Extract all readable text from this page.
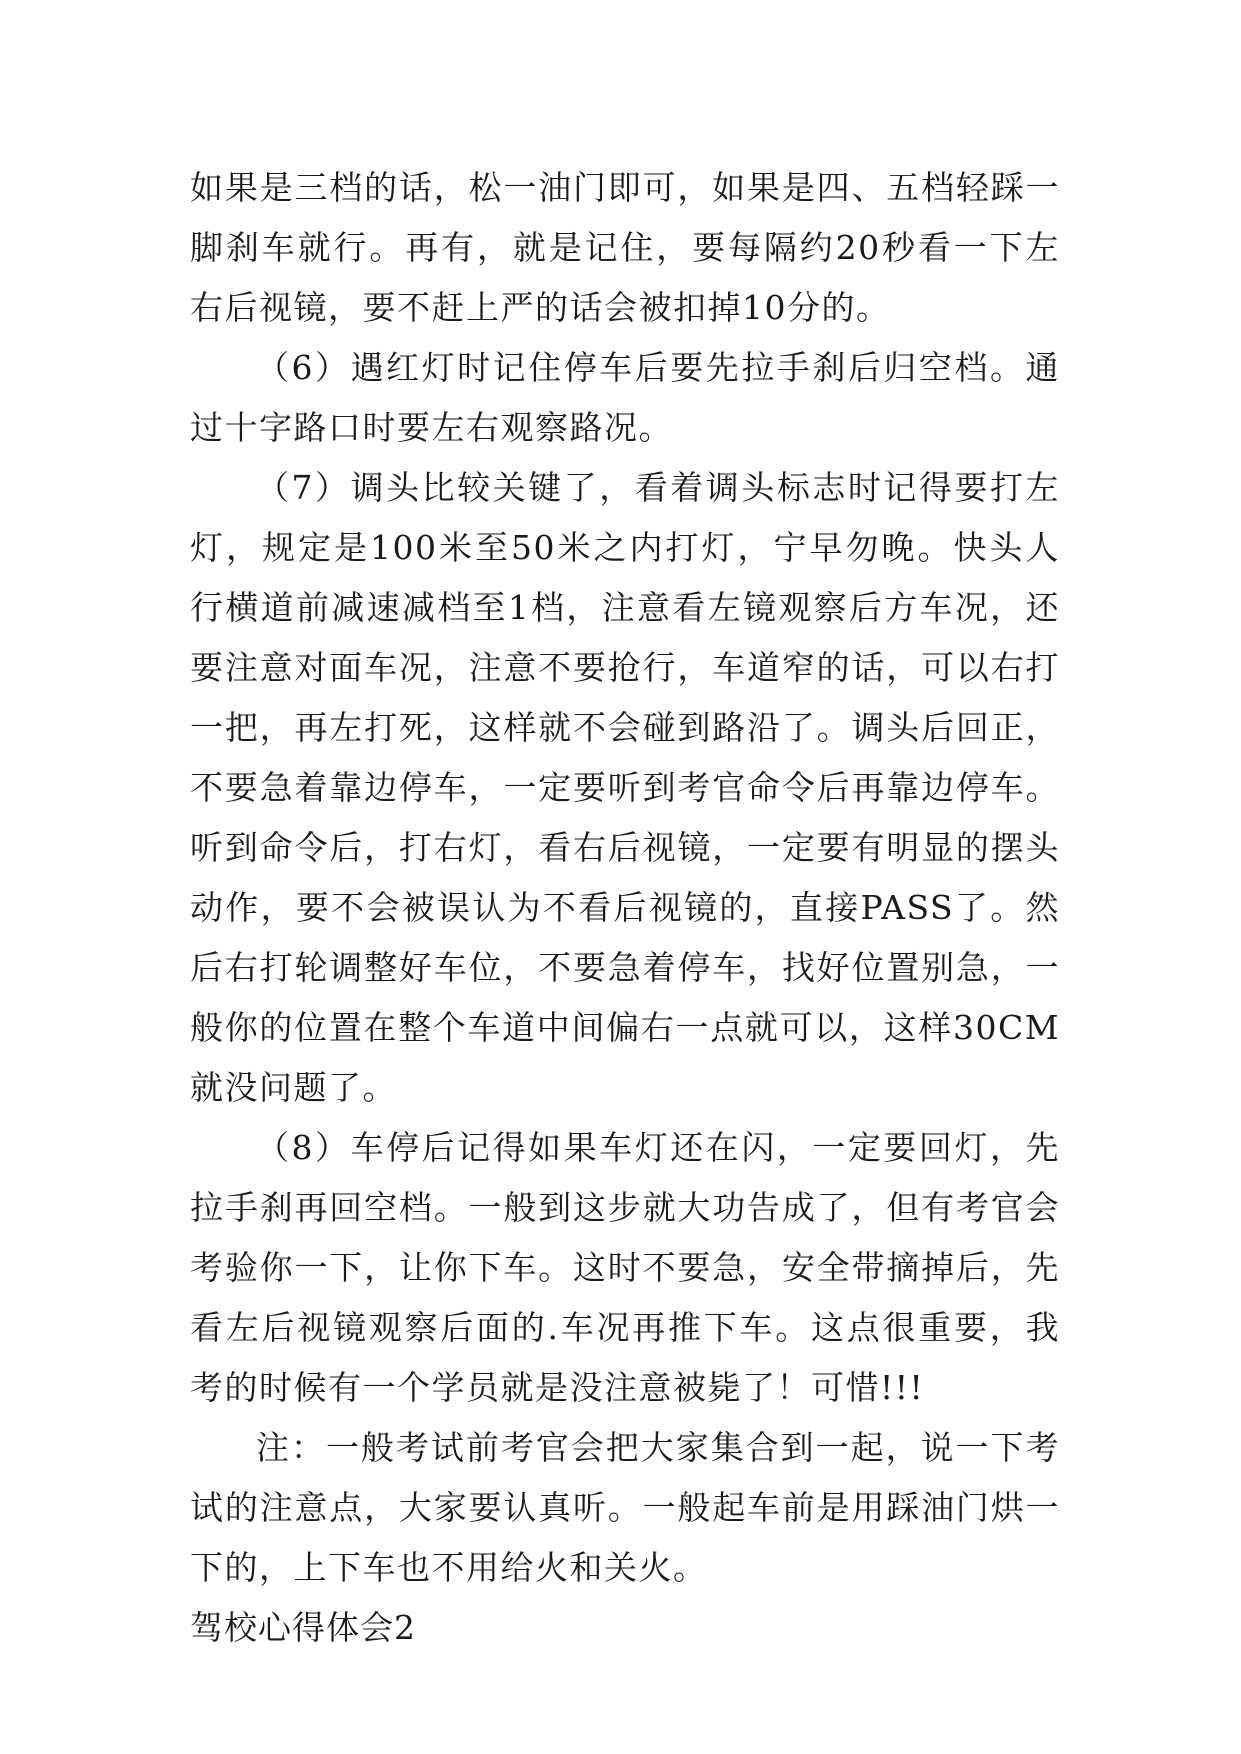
如果是三档的话，松一油门即可，如果是四、五档轻踩一脚刹车就行。再有，就是记住，要每隔约20秒看一下左右后视镜，要不赶上严的话会被扣掉10分的。

（6）遇红灯时记住停车后要先拉手刹后归空档。通过十字路口时要左右观察路况。

（7）调头比较关键了，看着调头标志时记得要打左灯，规定是100米至50米之内打灯，宁早勿晚。快头人行横道前减速减档至1档，注意看左镜观察后方车况，还要注意对面车况，注意不要抢行，车道窄的话，可以右打一把，再左打死，这样就不会碰到路沿了。调头后回正，不要急着靠边停车，一定要听到考官命令后再靠边停车。听到命令后，打右灯，看右后视镜，一定要有明显的摆头动作，要不会被误认为不看后视镜的，直接PASS了。然后右打轮调整好车位，不要急着停车，找好位置别急，一般你的位置在整个车道中间偏右一点就可以，这样30CM就没问题了。

（8）车停后记得如果车灯还在闪，一定要回灯，先拉手刹再回空档。一般到这步就大功告成了，但有考官会考验你一下，让你下车。这时不要急，安全带摘掉后，先看左后视镜观察后面的.车况再推下车。这点很重要，我考的时候有一个学员就是没注意被毙了！可惜!!!

注：一般考试前考官会把大家集合到一起，说一下考试的注意点，大家要认真听。一般起车前是用踩油门烘一下的，上下车也不用给火和关火。

驾校心得体会2
